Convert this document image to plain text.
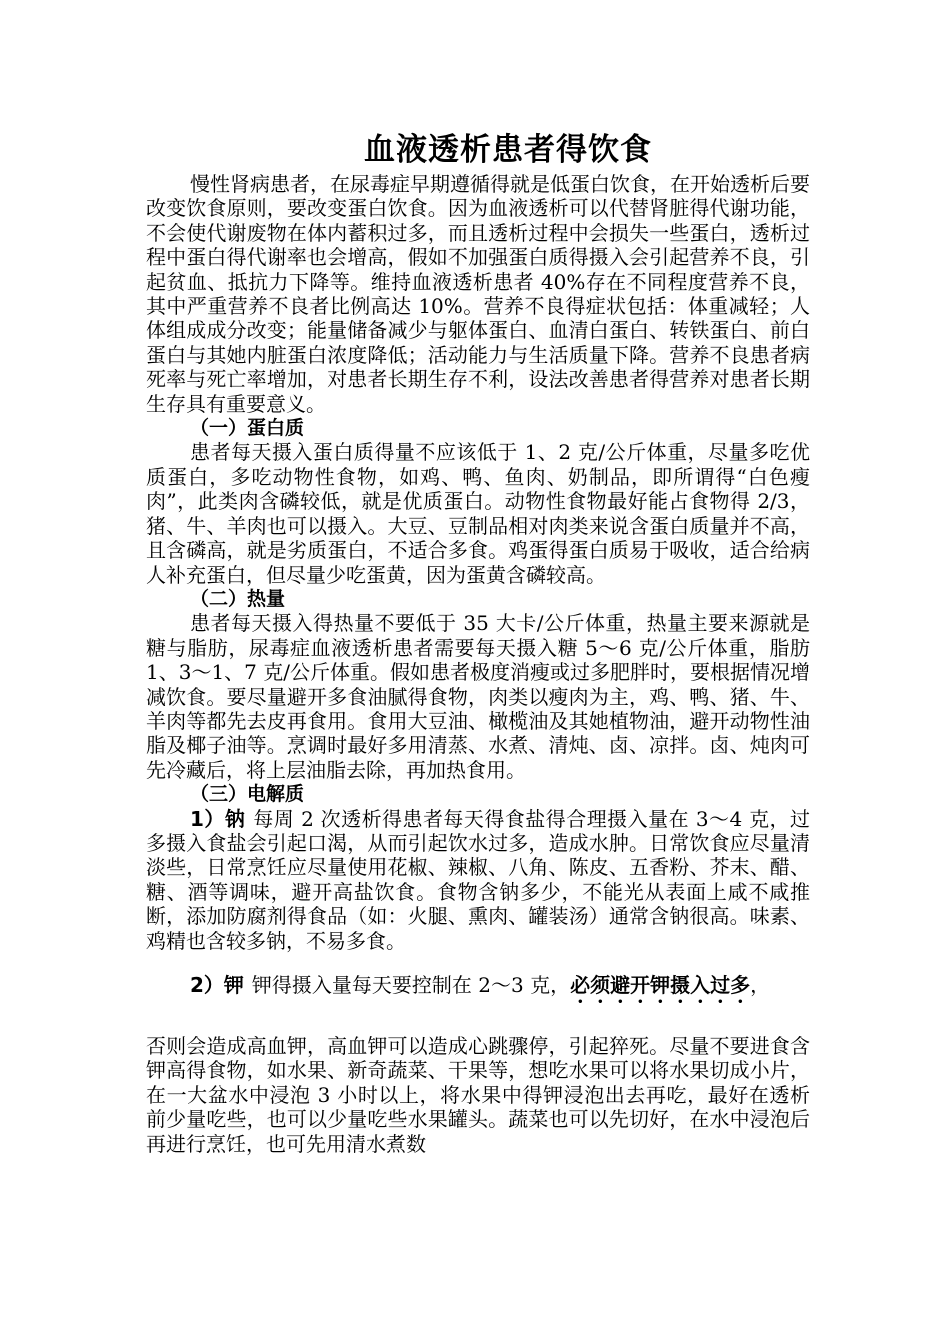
血液透析患者得饮食

慢性肾病患者，在尿毒症早期遵循得就是低蛋白饮食，在开始透析后要改变饮食原则，要改变蛋白饮食。因为血液透析可以代替肾脏得代谢功能，不会使代谢废物在体内蓄积过多，而且透析过程中会损失一些蛋白，透析过程中蛋白得代谢率也会增高，假如不加强蛋白质得摄入会引起营养不良，引起贫血、抵抗力下降等。维持血液透析患者 40%存在不同程度营养不良，其中严重营养不良者比例高达 10%。营养不良得症状包括：体重减轻；人体组成成分改变；能量储备减少与躯体蛋白、血清白蛋白、转铁蛋白、前白蛋白与其她内脏蛋白浓度降低；活动能力与生活质量下降。营养不良患者病死率与死亡率增加，对患者长期生存不利，设法改善患者得营养对患者长期生存具有重要意义。

（一）蛋白质

患者每天摄入蛋白质得量不应该低于 1、2 克/公斤体重，尽量多吃优质蛋白，多吃动物性食物，如鸡、鸭、鱼肉、奶制品，即所谓得“白色瘦肉”，此类肉含磷较低，就是优质蛋白。动物性食物最好能占食物得 2/3，猪、牛、羊肉也可以摄入。大豆、豆制品相对肉类来说含蛋白质量并不高，且含磷高，就是劣质蛋白，不适合多食。鸡蛋得蛋白质易于吸收，适合给病人补充蛋白，但尽量少吃蛋黄，因为蛋黄含磷较高。

（二）热量

患者每天摄入得热量不要低于 35 大卡/公斤体重，热量主要来源就是糖与脂肪，尿毒症血液透析患者需要每天摄入糖 5～6 克/公斤体重，脂肪 1、3～1、7 克/公斤体重。假如患者极度消瘦或过多肥胖时，要根据情况增减饮食。要尽量避开多食油腻得食物，肉类以瘦肉为主，鸡、鸭、猪、牛、羊肉等都先去皮再食用。食用大豆油、橄榄油及其她植物油，避开动物性油脂及椰子油等。烹调时最好多用清蒸、水煮、清炖、卤、凉拌。卤、炖肉可先冷藏后，将上层油脂去除，再加热食用。

（三）电解质

1）钠 每周 2 次透析得患者每天得食盐得合理摄入量在 3～4 克，过多摄入食盐会引起口渴，从而引起饮水过多，造成水肿。日常饮食应尽量清淡些，日常烹饪应尽量使用花椒、辣椒、八角、陈皮、五香粉、芥末、醋、糖、酒等调味，避开高盐饮食。食物含钠多少，不能光从表面上咸不咸推断，添加防腐剂得食品（如：火腿、熏肉、罐装汤）通常含钠很高。味素、鸡精也含较多钠，不易多食。

2）钾 钾得摄入量每天要控制在 2～3 克，必须避开钾摄入过多，

否则会造成高血钾，高血钾可以造成心跳骤停，引起猝死。尽量不要进食含钾高得食物，如水果、新奇蔬菜、干果等，想吃水果可以将水果切成小片，在一大盆水中浸泡 3 小时以上，将水果中得钾浸泡出去再吃，最好在透析前少量吃些，也可以少量吃些水果罐头。蔬菜也可以先切好，在水中浸泡后再进行烹饪，也可先用清水煮数
